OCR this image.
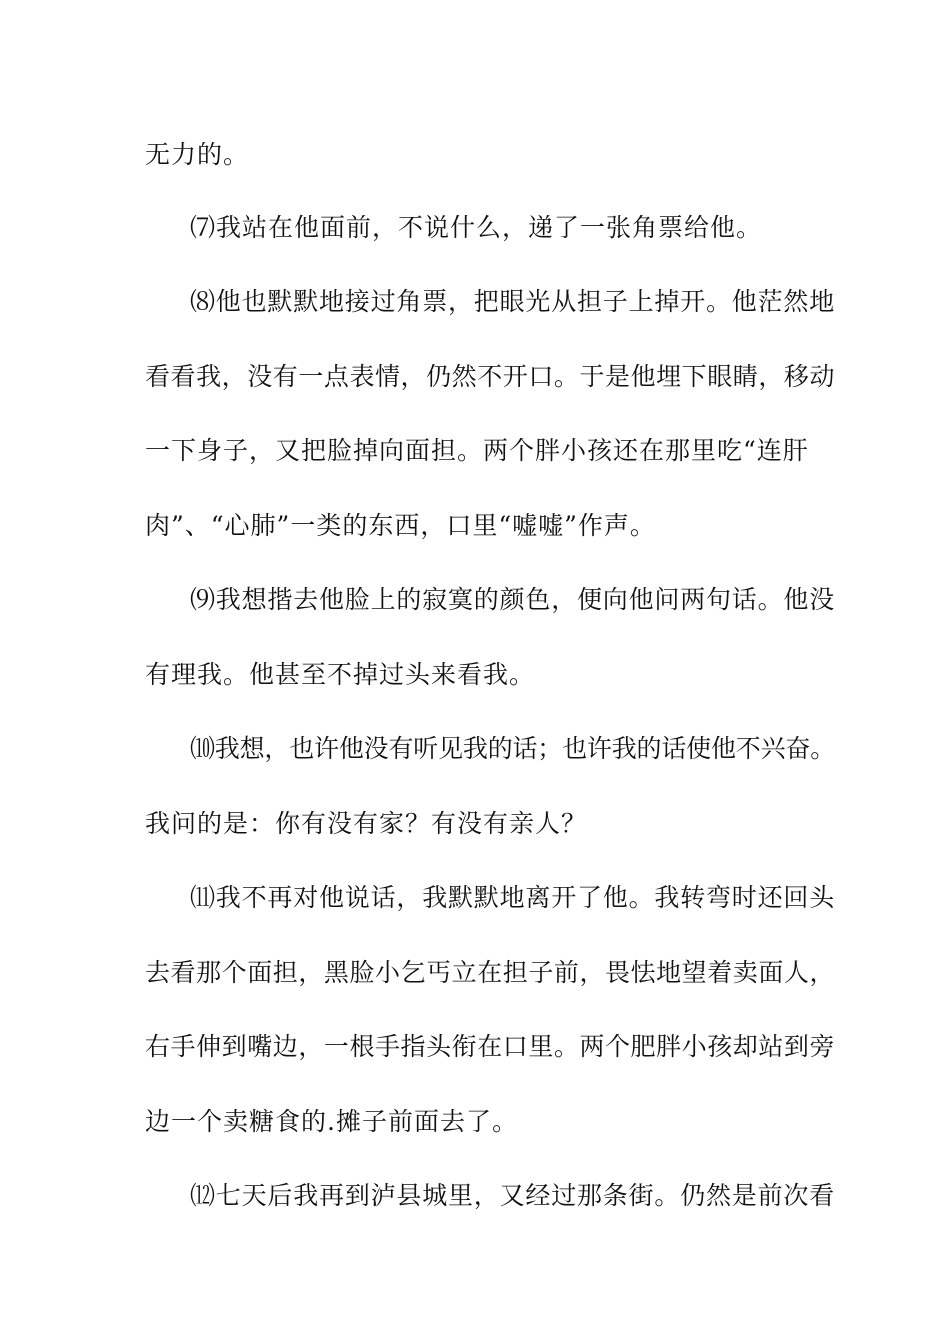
无力的。

⑺我站在他面前，不说什么，递了一张角票给他。

⑻他也默默地接过角票，把眼光从担子上掉开。他茫然地

看看我，没有一点表情，仍然不开口。于是他埋下眼睛，移动

一下身子，又把脸掉向面担。两个胖小孩还在那里吃“连肝

肉”、“心肺”一类的东西，口里“嘘嘘”作声。

⑼我想揩去他脸上的寂寞的颜色，便向他问两句话。他没

有理我。他甚至不掉过头来看我。

⑽我想，也许他没有听见我的话；也许我的话使他不兴奋。

我问的是：你有没有家？有没有亲人？

⑾我不再对他说话，我默默地离开了他。我转弯时还回头

去看那个面担，黑脸小乞丐立在担子前，畏怯地望着卖面人，

右手伸到嘴边，一根手指头衔在口里。两个肥胖小孩却站到旁

边一个卖糖食的.摊子前面去了。

⑿七天后我再到泸县城里，又经过那条街。仍然是前次看
